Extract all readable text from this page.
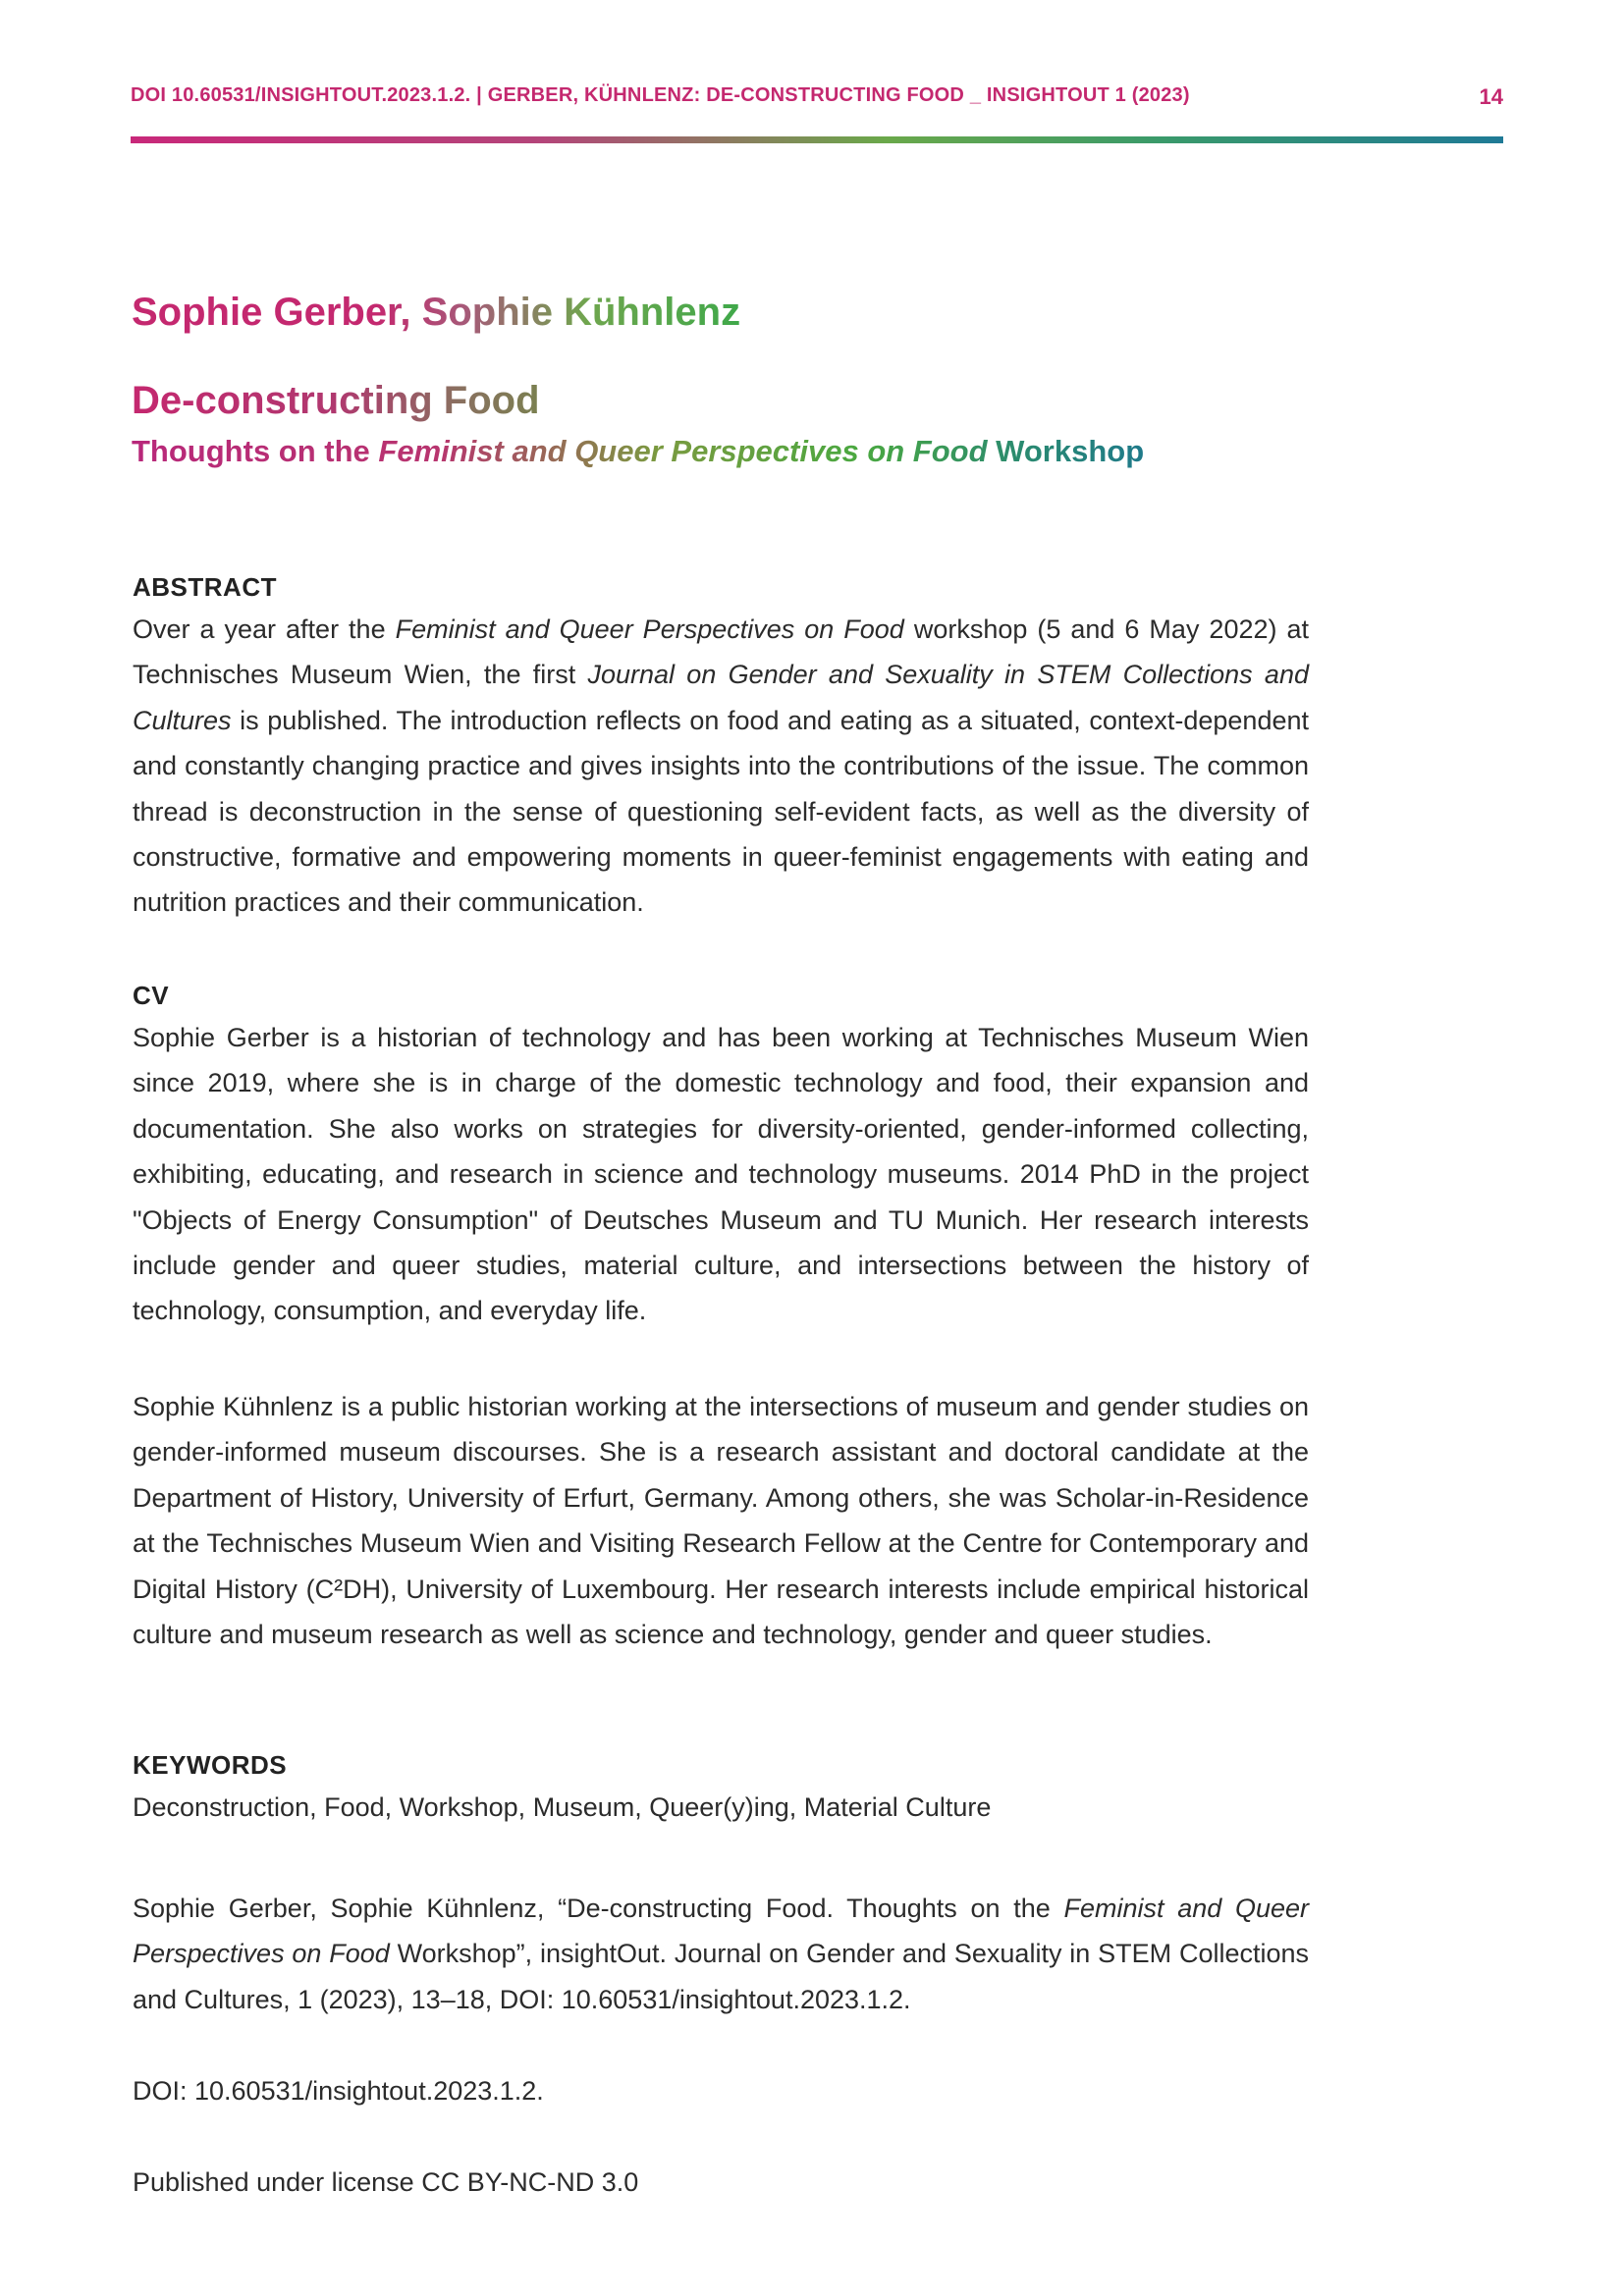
DOI 10.60531/INSIGHTOUT.2023.1.2. | GERBER, KÜHNLENZ: DE-CONSTRUCTING FOOD _ INSIGHTOUT 1 (2023)	14
Sophie Gerber, Sophie Kühnlenz
De-constructing Food
Thoughts on the Feminist and Queer Perspectives on Food Workshop
ABSTRACT

Over a year after the Feminist and Queer Perspectives on Food workshop (5 and 6 May 2022) at Technisches Museum Wien, the first Journal on Gender and Sexuality in STEM Collections and Cultures is published. The introduction reflects on food and eating as a situated, context-dependent and constantly changing practice and gives insights into the contributions of the issue. The common thread is deconstruction in the sense of questioning self-evident facts, as well as the diversity of constructive, formative and empowering moments in queer-feminist engagements with eating and nutrition practices and their communication.

CV

Sophie Gerber is a historian of technology and has been working at Technisches Museum Wien since 2019, where she is in charge of the domestic technology and food, their expansion and documentation. She also works on strategies for diversity-oriented, gender-informed collecting, exhibiting, educating, and research in science and technology museums. 2014 PhD in the project "Objects of Energy Consumption" of Deutsches Museum and TU Munich. Her research interests include gender and queer studies, material culture, and intersections between the history of technology, consumption, and everyday life.

Sophie Kühnlenz is a public historian working at the intersections of museum and gender studies on gender-informed museum discourses. She is a research assistant and doctoral candidate at the Department of History, University of Erfurt, Germany. Among others, she was Scholar-in-Residence at the Technisches Museum Wien and Visiting Research Fellow at the Centre for Contemporary and Digital History (C²DH), University of Luxembourg. Her research interests include empirical historical culture and museum research as well as science and technology, gender and queer studies.

KEYWORDS

Deconstruction, Food, Workshop, Museum, Queer(y)ing, Material Culture

Sophie Gerber, Sophie Kühnlenz, “De-constructing Food. Thoughts on the Feminist and Queer Perspectives on Food Workshop”, insightOut. Journal on Gender and Sexuality in STEM Collections and Cultures, 1 (2023), 13–18, DOI: 10.60531/insightout.2023.1.2.

DOI: 10.60531/insightout.2023.1.2.

Published under license CC BY-NC-ND 3.0
